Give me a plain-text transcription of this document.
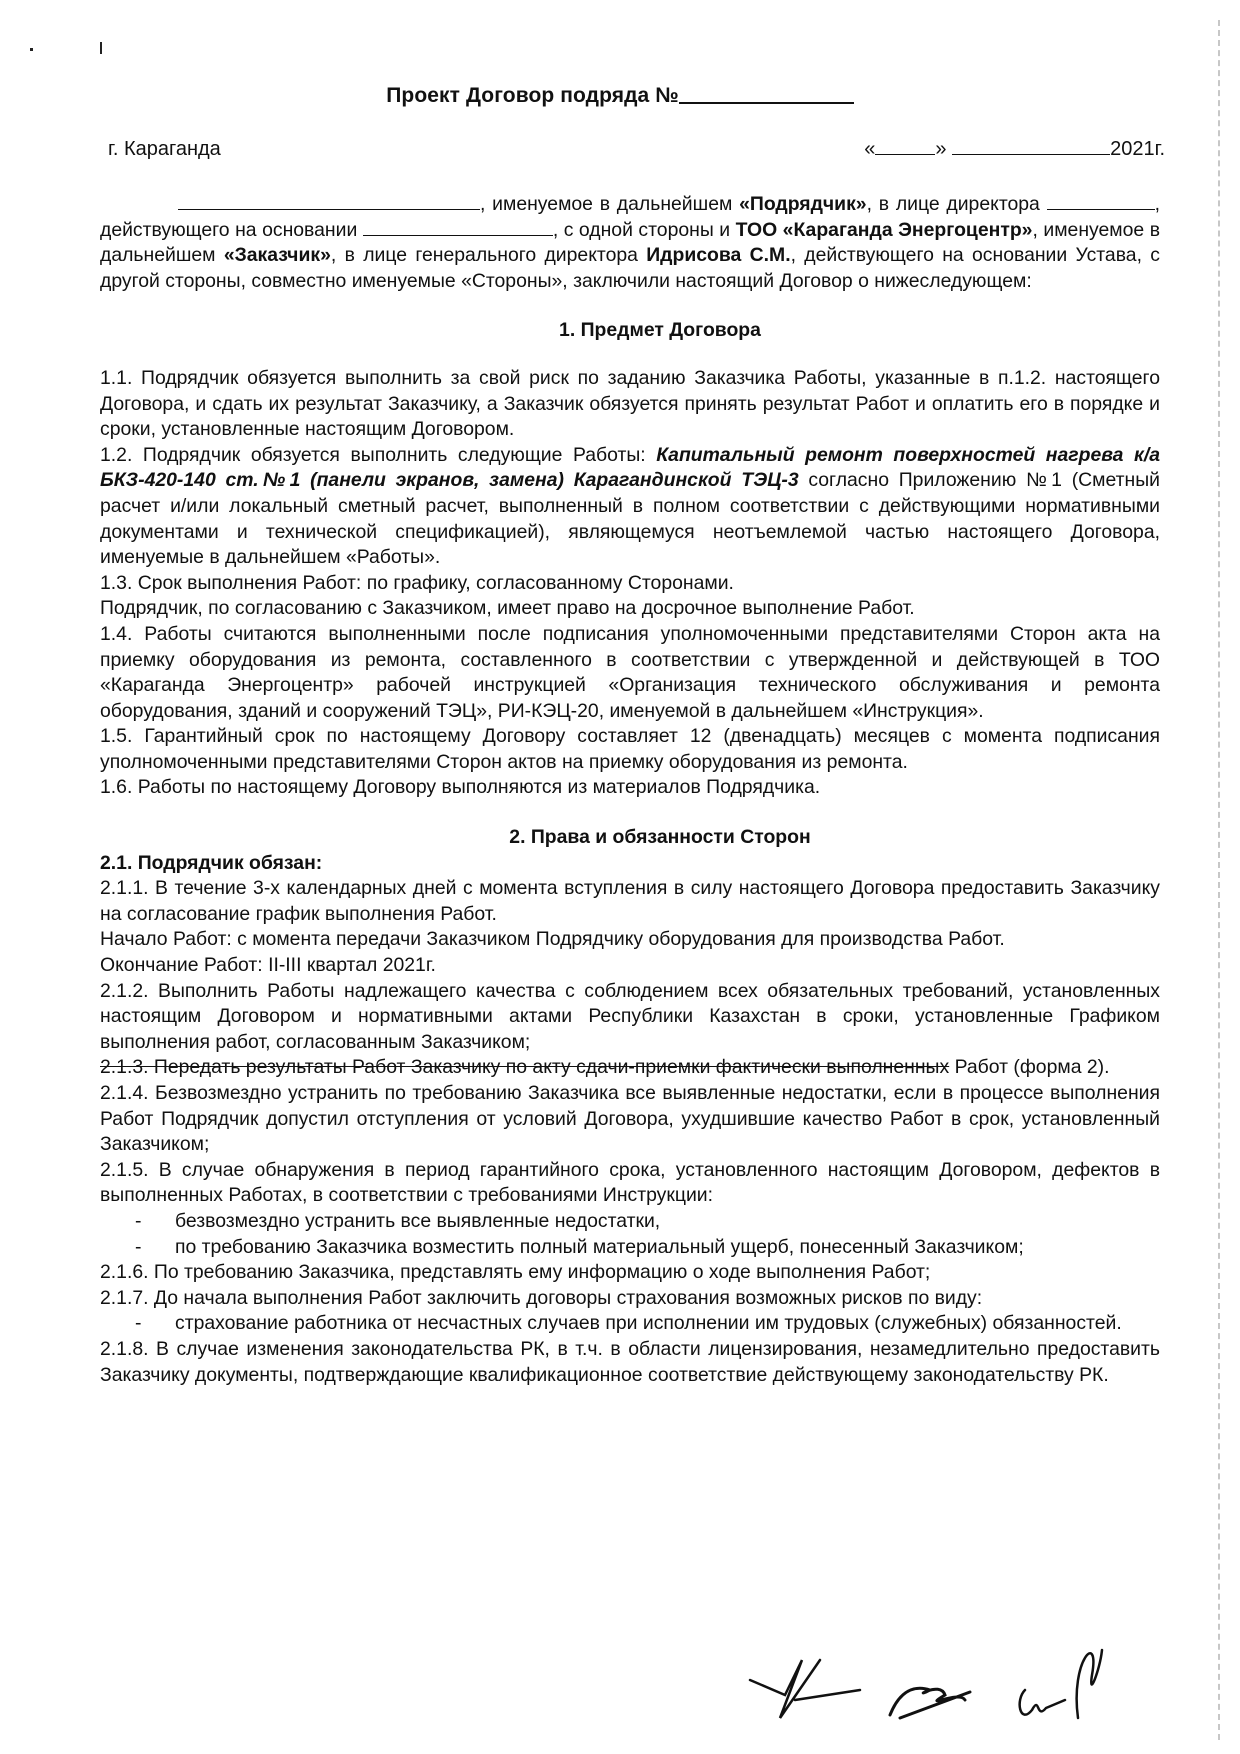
Проект Договор подряда №
г. Караганда	«	»	2021г.

, именуемое в дальнейшем «Подрядчик», в лице директора	, действующего на основании	, с одной стороны и ТОО «Караганда Энергоцентр», именуемое в дальнейшем «Заказчик», в лице генерального директора Идрисова С.М., действующего на основании Устава, с другой стороны, совместно именуемые «Стороны», заключили настоящий Договор о нижеследующем:

1. Предмет Договора

1.1. Подрядчик обязуется выполнить за свой риск по заданию Заказчика Работы, указанные в п.1.2. настоящего Договора, и сдать их результат Заказчику, а Заказчик обязуется принять результат Работ и оплатить его в порядке и сроки, установленные настоящим Договором.

1.2. Подрядчик обязуется выполнить следующие Работы: Капитальный ремонт поверхностей нагрева к/а БКЗ-420-140 ст.№1 (панели экранов, замена) Карагандинской ТЭЦ-3 согласно Приложению №1 (Сметный расчет и/или локальный сметный расчет, выполненный в полном соответствии с действующими нормативными документами и технической спецификацией), являющемуся неотъемлемой частью настоящего Договора, именуемые в дальнейшем «Работы».

1.3. Срок выполнения Работ: по графику, согласованному Сторонами.

Подрядчик, по согласованию с Заказчиком, имеет право на досрочное выполнение Работ.

1.4. Работы считаются выполненными после подписания уполномоченными представителями Сторон акта на приемку оборудования из ремонта, составленного в соответствии с утвержденной и действующей в ТОО «Караганда Энергоцентр» рабочей инструкцией «Организация технического обслуживания и ремонта оборудования, зданий и сооружений ТЭЦ», РИ-КЭЦ-20, именуемой в дальнейшем «Инструкция».

1.5. Гарантийный срок по настоящему Договору составляет 12 (двенадцать) месяцев с момента подписания уполномоченными представителями Сторон актов на приемку оборудования из ремонта.

1.6. Работы по настоящему Договору выполняются из материалов Подрядчика.

2. Права и обязанности Сторон

2.1. Подрядчик обязан:

2.1.1. В течение 3-х календарных дней с момента вступления в силу настоящего Договора предоставить Заказчику на согласование график выполнения Работ.

Начало Работ: с момента передачи Заказчиком Подрядчику оборудования для производства Работ.

Окончание Работ: II-III квартал 2021г.

2.1.2. Выполнить Работы надлежащего качества с соблюдением всех обязательных требований, установленных настоящим Договором и нормативными актами Республики Казахстан в сроки, установленные Графиком выполнения работ, согласованным Заказчиком;

2.1.3. Передать результаты Работ Заказчику по акту сдачи-приемки фактически выполненных Работ (форма 2).

2.1.4. Безвозмездно устранить по требованию Заказчика все выявленные недостатки, если в процессе выполнения Работ Подрядчик допустил отступления от условий Договора, ухудшившие качество Работ в срок, установленный Заказчиком;

2.1.5. В случае обнаружения в период гарантийного срока, установленного настоящим Договором, дефектов в выполненных Работах, в соответствии с требованиями Инструкции:

- безвозмездно устранить все выявленные недостатки,

- по требованию Заказчика возместить полный материальный ущерб, понесенный Заказчиком;

2.1.6. По требованию Заказчика, представлять ему информацию о ходе выполнения Работ;

2.1.7. До начала выполнения Работ заключить договоры страхования возможных рисков по виду:

- страхование работника от несчастных случаев при исполнении им трудовых (служебных) обязанностей.

2.1.8. В случае изменения законодательства РК, в т.ч. в области лицензирования, незамедлительно предоставить Заказчику документы, подтверждающие квалификационное соответствие действующему законодательству РК.
